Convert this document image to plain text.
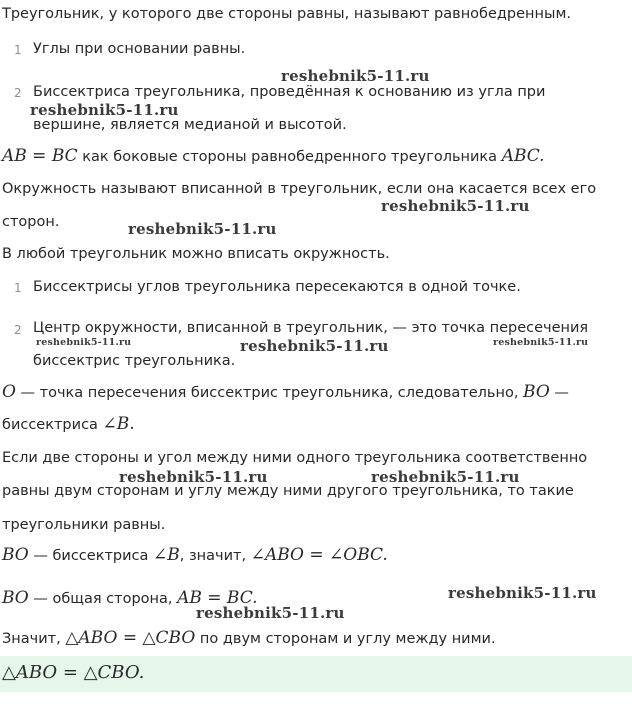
Треугольник, у которого две стороны равны, называют равнобедренным.
1 Углы при основании равны.
2 Биссектриса треугольника, проведённая к основанию из угла при
вершине, является медианой и высотой.
AB = BC как боковые стороны равнобедренного треугольника ABC.
Окружность называют вписанной в треугольник, если она касается всех его
сторон.
В любой треугольник можно вписать окружность.
1 Биссектрисы углов треугольника пересекаются в одной точке.
2 Центр окружности, вписанной в треугольник, — это точка пересечения
биссектрис треугольника.
O — точка пересечения биссектрис треугольника, следовательно, BO —
биссектриса ∠B.
Если две стороны и угол между ними одного треугольника соответственно
равны двум сторонам и углу между ними другого треугольника, то такие
треугольники равны.
BO — биссектриса ∠B, значит, ∠ABO = ∠OBC.
BO — общая сторона, AB = BC.
Значит, △ABO = △CBO по двум сторонам и углу между ними.
△ABO = △CBO.
reshebnik5-11.ru
reshebnik5-11.ru
reshebnik5-11.ru
reshebnik5-11.ru
reshebnik5-11.ru	reshebnik5-11.ru	reshebnik5-11.ru
reshebnik5-11.ru	reshebnik5-11.ru
reshebnik5-11.ru
reshebnik5-11.ru
